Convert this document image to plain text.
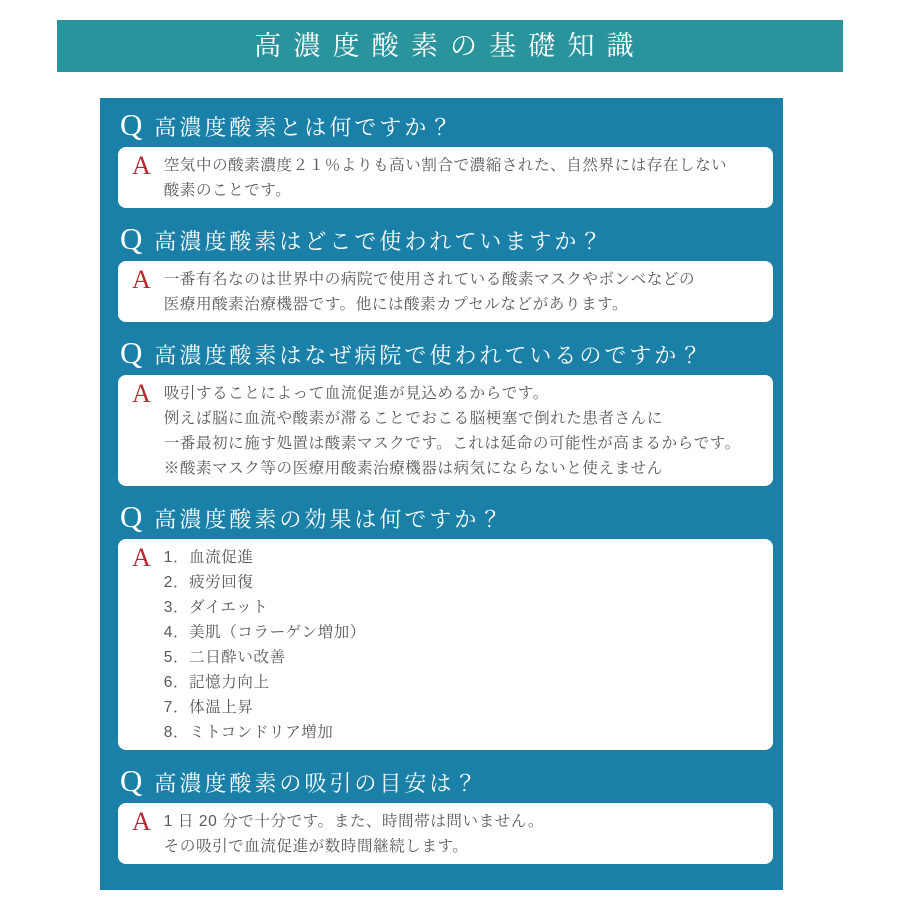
高濃度酸素の基礎知識
Q 高濃度酸素とは何ですか？
A 空気中の酸素濃度２１％よりも高い割合で濃縮された、自然界には存在しない
酸素のことです。
Q 高濃度酸素はどこで使われていますか？
A 一番有名なのは世界中の病院で使用されている酸素マスクやボンベなどの
医療用酸素治療機器です。他には酸素カプセルなどがあります。
Q 高濃度酸素はなぜ病院で使われているのですか？
A 吸引することによって血流促進が見込めるからです。
例えば脳に血流や酸素が滞ることでおこる脳梗塞で倒れた患者さんに
一番最初に施す処置は酸素マスクです。これは延命の可能性が高まるからです。
※酸素マスク等の医療用酸素治療機器は病気にならないと使えません
Q 高濃度酸素の効果は何ですか？
A 1．血流促進
2．疲労回復
3．ダイエット
4．美肌（コラーゲン増加）
5．二日酔い改善
6．記憶力向上
7．体温上昇
8．ミトコンドリア増加
Q 高濃度酸素の吸引の目安は？
A 1 日 20 分で十分です。また、時間帯は問いません。
その吸引で血流促進が数時間継続します。
